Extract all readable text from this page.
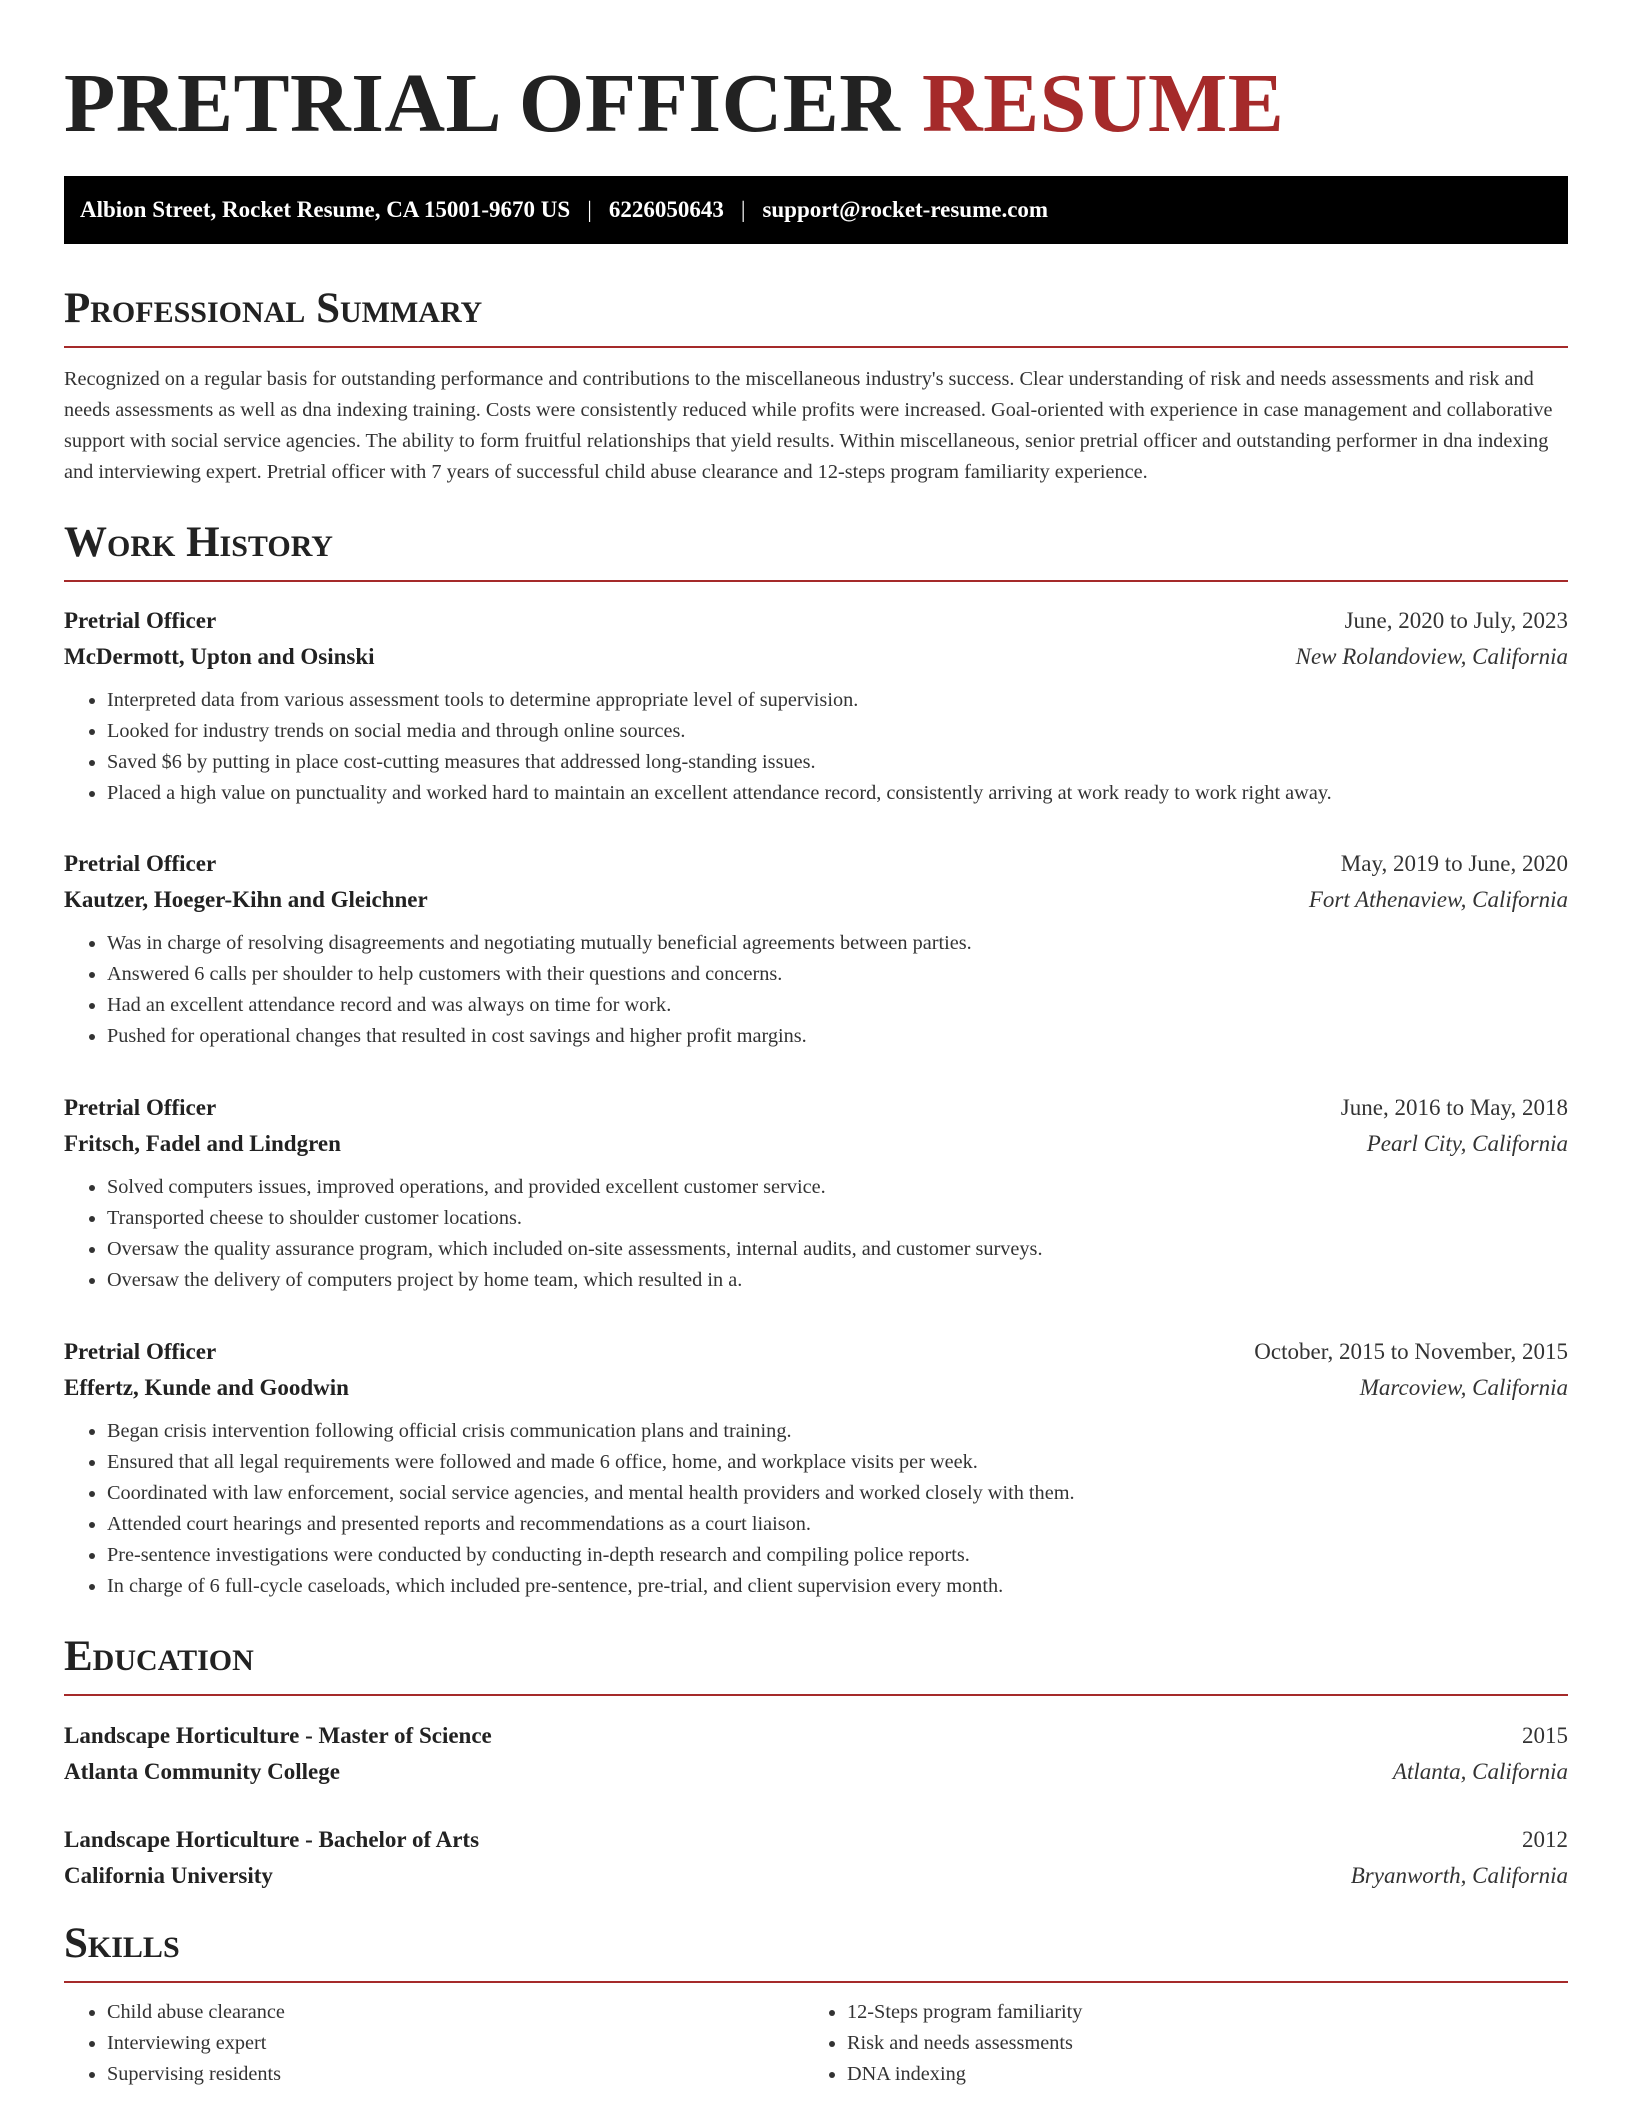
PRETRIAL OFFICER RESUME
Albion Street, Rocket Resume, CA 15001-9670 US | 6226050643 | support@rocket-resume.com
Professional Summary

Recognized on a regular basis for outstanding performance and contributions to the miscellaneous industry's success. Clear understanding of risk and needs assessments and risk and needs assessments as well as dna indexing training. Costs were consistently reduced while profits were increased. Goal-oriented with experience in case management and collaborative support with social service agencies. The ability to form fruitful relationships that yield results. Within miscellaneous, senior pretrial officer and outstanding performer in dna indexing and interviewing expert. Pretrial officer with 7 years of successful child abuse clearance and 12-steps program familiarity experience.

Work History
Pretrial Officer	June, 2020 to July, 2023
McDermott, Upton and Osinski	New Rolandoview, California
• Interpreted data from various assessment tools to determine appropriate level of supervision.
• Looked for industry trends on social media and through online sources.
• Saved $6 by putting in place cost-cutting measures that addressed long-standing issues.
• Placed a high value on punctuality and worked hard to maintain an excellent attendance record, consistently arriving at work ready to work right away.
Pretrial Officer	May, 2019 to June, 2020
Kautzer, Hoeger-Kihn and Gleichner	Fort Athenaview, California
• Was in charge of resolving disagreements and negotiating mutually beneficial agreements between parties.
• Answered 6 calls per shoulder to help customers with their questions and concerns.
• Had an excellent attendance record and was always on time for work.
• Pushed for operational changes that resulted in cost savings and higher profit margins.
Pretrial Officer	June, 2016 to May, 2018
Fritsch, Fadel and Lindgren	Pearl City, California
• Solved computers issues, improved operations, and provided excellent customer service.
• Transported cheese to shoulder customer locations.
• Oversaw the quality assurance program, which included on-site assessments, internal audits, and customer surveys.
• Oversaw the delivery of computers project by home team, which resulted in a.
Pretrial Officer	October, 2015 to November, 2015
Effertz, Kunde and Goodwin	Marcoview, California
• Began crisis intervention following official crisis communication plans and training.
• Ensured that all legal requirements were followed and made 6 office, home, and workplace visits per week.
• Coordinated with law enforcement, social service agencies, and mental health providers and worked closely with them.
• Attended court hearings and presented reports and recommendations as a court liaison.
• Pre-sentence investigations were conducted by conducting in-depth research and compiling police reports.
• In charge of 6 full-cycle caseloads, which included pre-sentence, pre-trial, and client supervision every month.
Education
Landscape Horticulture - Master of Science	2015
Atlanta Community College	Atlanta, California
Landscape Horticulture - Bachelor of Arts	2012
California University	Bryanworth, California
Skills
• Child abuse clearance
• Interviewing expert
• Supervising residents
• 12-Steps program familiarity
• Risk and needs assessments
• DNA indexing
